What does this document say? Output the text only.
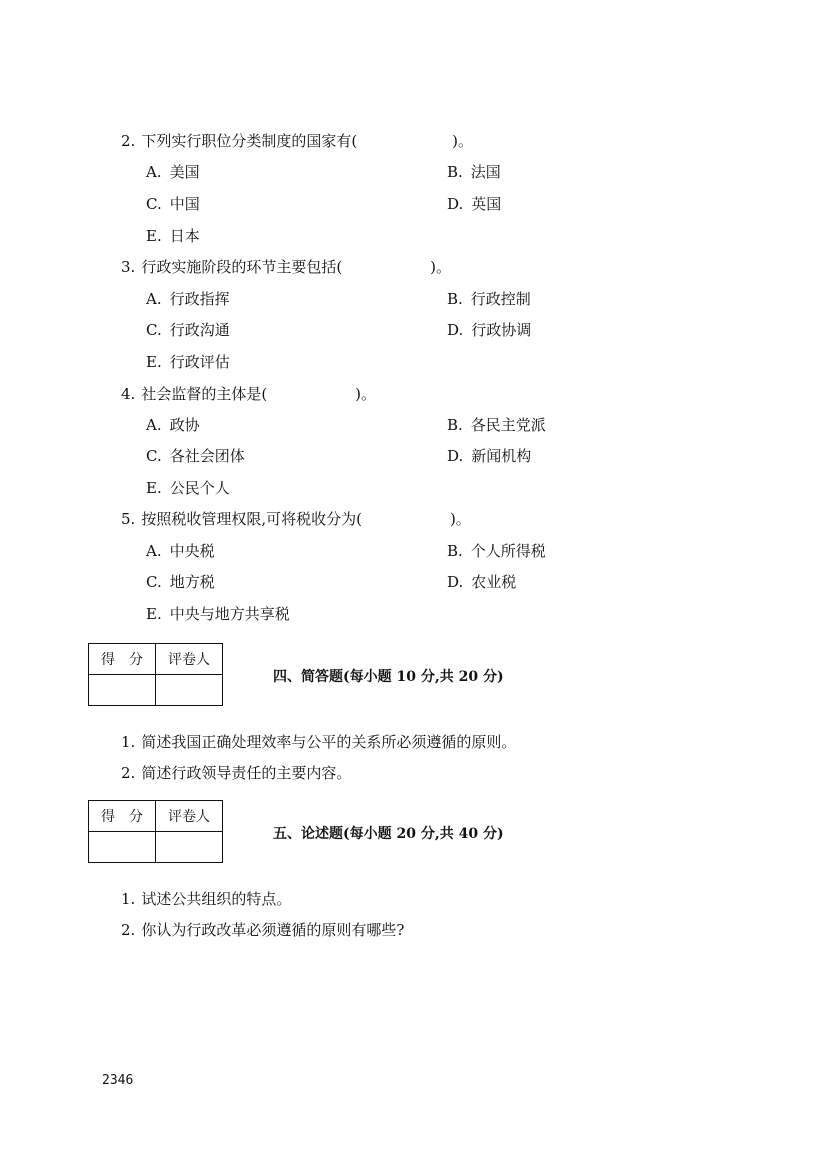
2. 下列实行职位分类制度的国家有(	)。
A. 美国	B. 法国
C. 中国	D. 英国
E. 日本
3. 行政实施阶段的环节主要包括(	)。
A. 行政指挥	B. 行政控制
C. 行政沟通	D. 行政协调
E. 行政评估
4. 社会监督的主体是(	)。
A. 政协	B. 各民主党派
C. 各社会团体	D. 新闻机构
E. 公民个人
5. 按照税收管理权限,可将税收分为(	)。
A. 中央税	B. 个人所得税
C. 地方税	D. 农业税
E. 中央与地方共享税
得　分	评卷人

四、简答题(每小题 10 分,共 20 分)
1. 简述我国正确处理效率与公平的关系所必须遵循的原则。
2. 简述行政领导责任的主要内容。
得　分	评卷人

五、论述题(每小题 20 分,共 40 分)
1. 试述公共组织的特点。
2. 你认为行政改革必须遵循的原则有哪些?
2346
